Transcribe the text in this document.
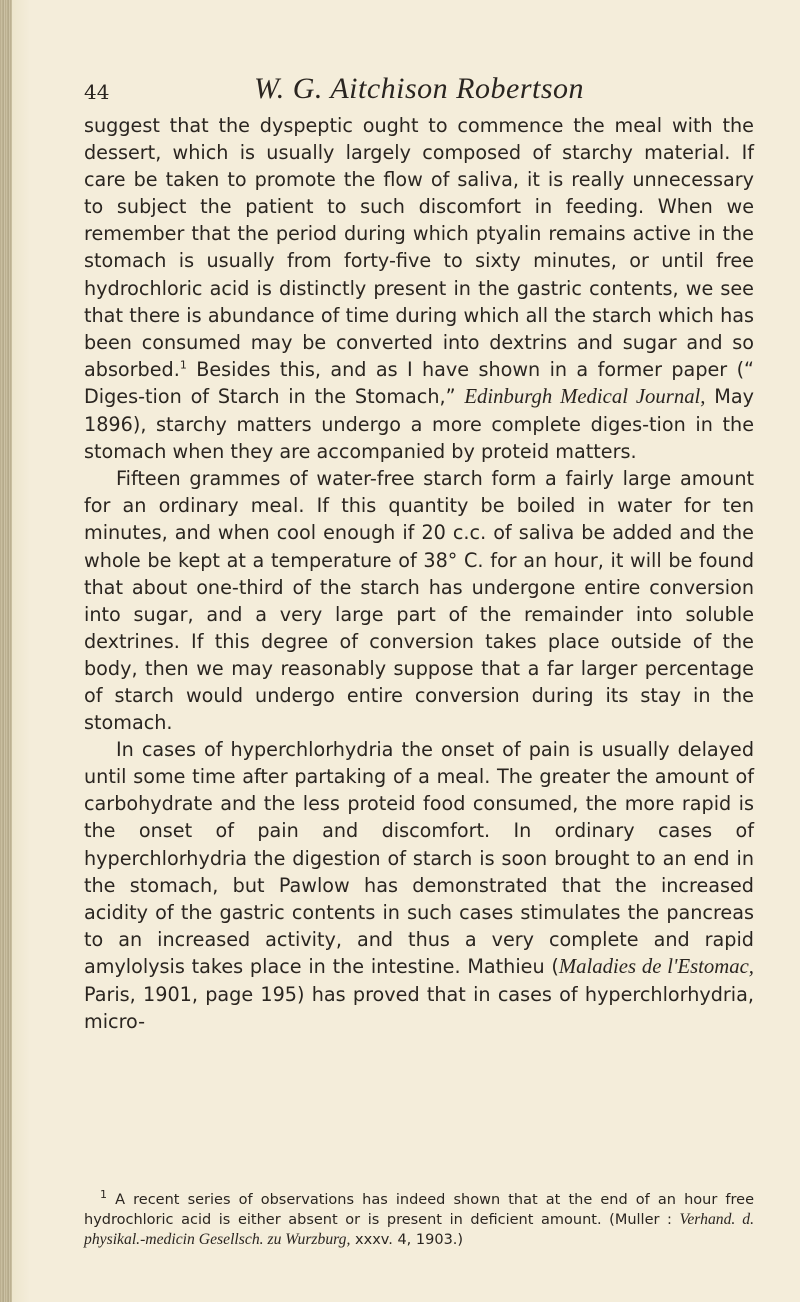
44	W. G. Aitchison Robertson

suggest that the dyspeptic ought to commence the meal with the dessert, which is usually largely composed of starchy material. If care be taken to promote the flow of saliva, it is really unnecessary to subject the patient to such discomfort in feeding. When we remember that the period during which ptyalin remains active in the stomach is usually from forty-five to sixty minutes, or until free hydrochloric acid is distinctly present in the gastric contents, we see that there is abundance of time during which all the starch which has been consumed may be converted into dextrins and sugar and so absorbed.$^1$ Besides this, and as I have shown in a former paper (“ Diges-tion of Starch in the Stomach,” Edinburgh Medical Journal, May 1896), starchy matters undergo a more complete diges-tion in the stomach when they are accompanied by proteid matters.

Fifteen grammes of water-free starch form a fairly large amount for an ordinary meal. If this quantity be boiled in water for ten minutes, and when cool enough if 20 c.c. of saliva be added and the whole be kept at a temperature of 38° C. for an hour, it will be found that about one-third of the starch has undergone entire conversion into sugar, and a very large part of the remainder into soluble dextrines. If this degree of conversion takes place outside of the body, then we may reasonably suppose that a far larger percentage of starch would undergo entire conversion during its stay in the stomach.

In cases of hyperchlorhydria the onset of pain is usually delayed until some time after partaking of a meal. The greater the amount of carbohydrate and the less proteid food consumed, the more rapid is the onset of pain and discomfort. In ordinary cases of hyperchlorhydria the digestion of starch is soon brought to an end in the stomach, but Pawlow has demonstrated that the increased acidity of the gastric contents in such cases stimulates the pancreas to an increased activity, and thus a very complete and rapid amylolysis takes place in the intestine. Mathieu (Maladies de l'Estomac, Paris, 1901, page 195) has proved that in cases of hyperchlorhydria, micro-

$^1$ A recent series of observations has indeed shown that at the end of an hour free hydrochloric acid is either absent or is present in deficient amount. (Muller : Verhand. d. physikal.-medicin Gesellsch. zu Wurzburg, xxxv. 4, 1903.)
